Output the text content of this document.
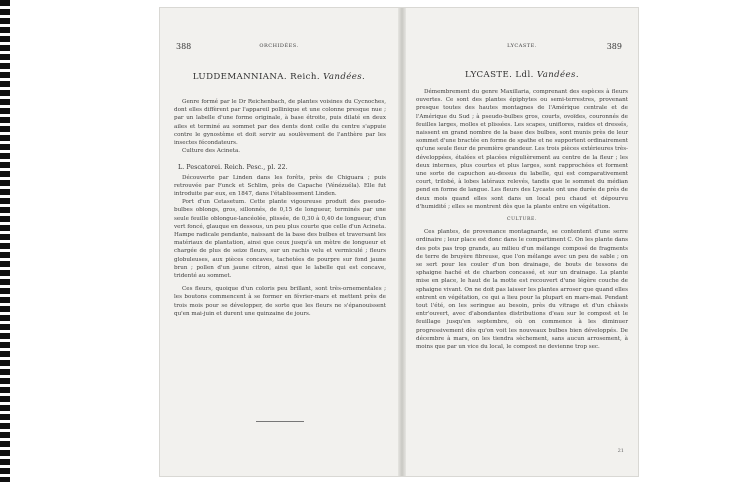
388	ORCHIDÉES.
LUDDEMANNIANA. Reich. Vandées.

Genre formé par le Dr Reichenbach, de plantes voisines du Cycnoches, dont elles diffèrent par l'appareil pollinique et une colonne presque nue ; par un labelle d'une forme originale, à base étroite, puis dilaté en deux ailes et terminé au sommet par des dents dont celle du centre s'appuie contre le gynostème et doit servir au soulèvement de l'anthère par les insectes fécondateurs.

Culture des Acineta.

L. Pescatorei. Reich. Pesc., pl. 22.

Découverte par Linden dans les forêts, près de Chiguara ; puis retrouvée par Funck et Schlim, près de Capache (Vénézuéla). Elle fut introduite par eux, en 1847, dans l'établissement Linden.

Port d'un Cetasetum. Cette plante vigoureuse produit des pseudo-bulbes oblongs, gros, sillonnés, de 0,15 de longueur, terminés par une seule feuille oblongue-lancéolée, plissée, de 0,30 à 0,40 de longueur, d'un vert foncé, glauque en dessous, un peu plus courte que celle d'un Acineta. Hampe radicale pendante, naissant de la base des bulbes et traversant les matériaux de plantation, ainsi que ceux jusqu'à un mètre de longueur et chargée de plus de seize fleurs, sur un rachis velu et vermiculé ; fleurs globuleuses, aux pièces concaves, tachetées de pourpre sur fond jaune brun ; pollen d'un jaune citron, ainsi que le labelle qui est concave, tridenté au sommet.

Ces fleurs, quoique d'un coloris peu brillant, sont très-ornementales ; les boutons commencent à se former en février-mars et mettent près de trois mois pour se développer, de sorte que les fleurs ne s'épanouissent qu'en mai-juin et durent une quinzaine de jours.

389
LYCASTE.
LYCASTE. Ldl. Vandées.

Démembrement du genre Maxillaria, comprenant des espèces à fleurs ouvertes. Ce sont des plantes épiphytes ou semi-terrestres, provenant presque toutes des hautes montagnes de l'Amérique centrale et de l'Amérique du Sud ; à pseudo-bulbes gros, courts, ovoïdes, couronnés de feuilles larges, molles et plissées. Les scapes, uniflores, raides et dressés, naissent en grand nombre de la base des bulbes, sont munis près de leur sommet d'une bractée en forme de spathe et ne supportent ordinairement qu'une seule fleur de première grandeur. Les trois pièces extérieures très-développées, étalées et placées régulièrement au centre de la fleur ; les deux internes, plus courtes et plus larges, sont rapprochées et forment une sorte de capuchon au-dessus du labelle, qui est comparativement court, trilobé, à lobes latéraux relevés, tandis que le sommet du médian pend en forme de langue. Les fleurs des Lycaste ont une durée de près de deux mois quand elles sont dans un local peu chaud et dépourvu d'humidité ; elles se montrent dès que la plante entre en végétation.

CULTURE.

Ces plantes, de provenance montagnarde, se contentent d'une serre ordinaire ; leur place est donc dans le compartiment C. On les plante dans des pots pas trop grands, au milieu d'un mélange composé de fragments de terre de bruyère fibreuse, que l'on mélange avec un peu de sable ; on se sert pour les couler d'un bon drainage, de bouts de tessons de sphaigne haché et de charbon concassé, et sur un drainage. La plante mise en place, le haut de la motte est recouvert d'une légère couche de sphaigne vivant. On ne doit pas laisser les plantes arroser que quand elles entrent en végétation, ce qui a lieu pour la plupart en mars-mai. Pendant tout l'été, on les seringue au besoin, près du vitrage et d'un châssis entr'ouvert, avec d'abondantes distributions d'eau sur le compost et le feuillage jusqu'en septembre, où on commence à les diminuer progressivement dès qu'on voit les nouveaux bulbes bien développés. De décembre à mars, on les tiendra sèchement, sans aucun arrosement, à moins que par un vice du local, le compost ne devienne trop sec.

21
